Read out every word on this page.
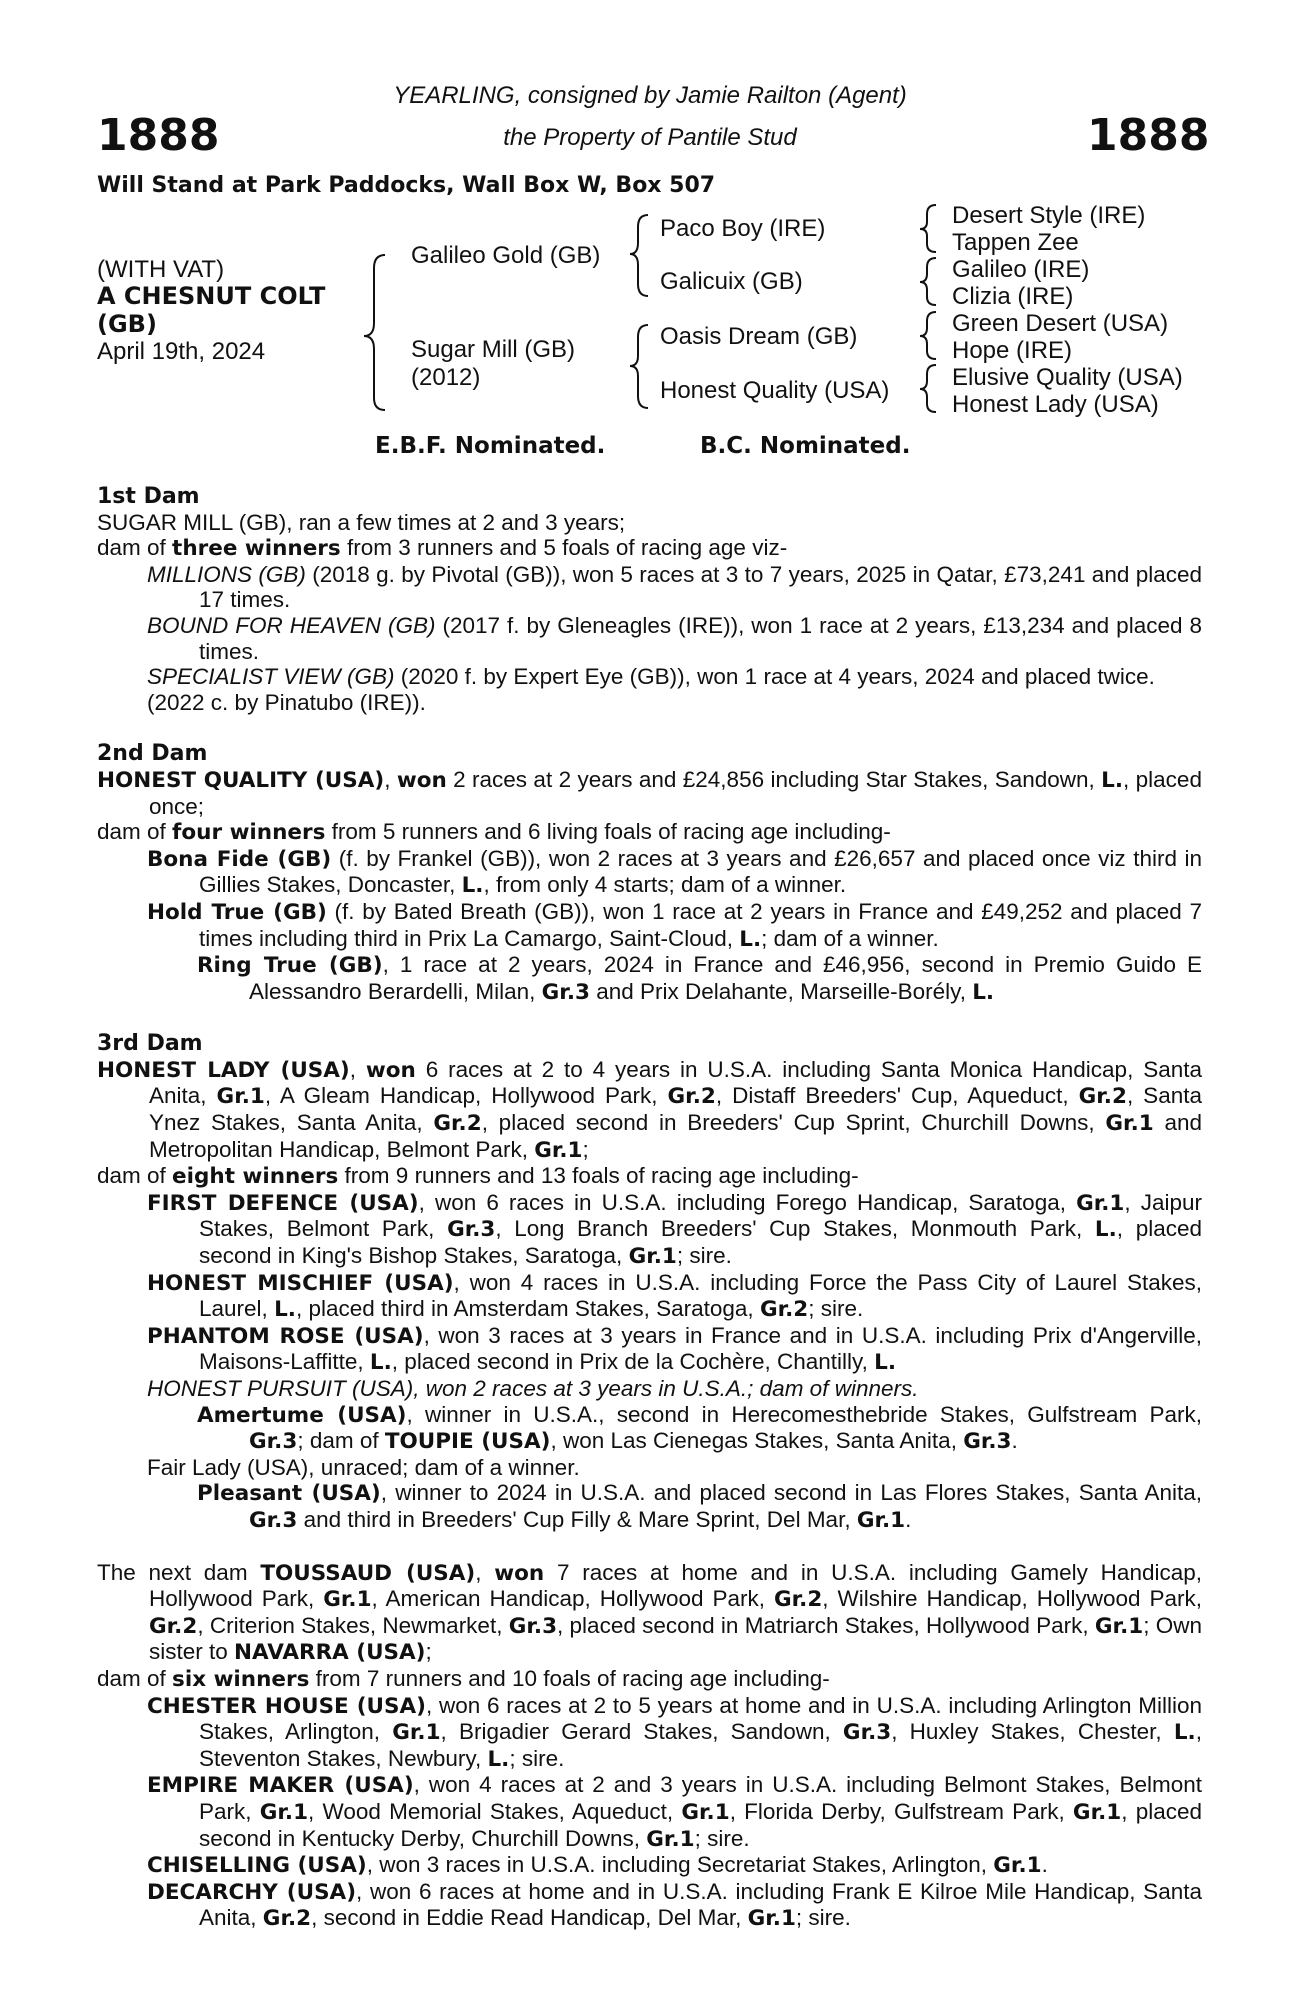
1888	1888
YEARLING, consigned by Jamie Railton (Agent)
the Property of Pantile Stud
Will Stand at Park Paddocks, Wall Box W, Box 507
(WITH VAT)
A CHESNUT COLT
(GB)
April 19th, 2024
Galileo Gold (GB)
Sugar Mill (GB)
(2012)
Paco Boy (IRE)
Galicuix (GB)
Oasis Dream (GB)
Honest Quality (USA)
Desert Style (IRE)
Tappen Zee
Galileo (IRE)
Clizia (IRE)
Green Desert (USA)
Hope (IRE)
Elusive Quality (USA)
Honest Lady (USA)
E.B.F. Nominated.	B.C. Nominated.

1st Dam

SUGAR MILL (GB), ran a few times at 2 and 3 years;

dam of three winners from 3 runners and 5 foals of racing age viz-

MILLIONS (GB) (2018 g. by Pivotal (GB)), won 5 races at 3 to 7 years, 2025 in Qatar, £73,241 and placed 17 times.

BOUND FOR HEAVEN (GB) (2017 f. by Gleneagles (IRE)), won 1 race at 2 years, £13,234 and placed 8 times.

SPECIALIST VIEW (GB) (2020 f. by Expert Eye (GB)), won 1 race at 4 years, 2024 and placed twice.

(2022 c. by Pinatubo (IRE)).

2nd Dam

HONEST QUALITY (USA), won 2 races at 2 years and £24,856 including Star Stakes, Sandown, L., placed once;

dam of four winners from 5 runners and 6 living foals of racing age including-

Bona Fide (GB) (f. by Frankel (GB)), won 2 races at 3 years and £26,657 and placed once viz third in Gillies Stakes, Doncaster, L., from only 4 starts; dam of a winner.

Hold True (GB) (f. by Bated Breath (GB)), won 1 race at 2 years in France and £49,252 and placed 7 times including third in Prix La Camargo, Saint-Cloud, L.; dam of a winner.

Ring True (GB), 1 race at 2 years, 2024 in France and £46,956, second in Premio Guido E Alessandro Berardelli, Milan, Gr.3 and Prix Delahante, Marseille-Borély, L.

3rd Dam

HONEST LADY (USA), won 6 races at 2 to 4 years in U.S.A. including Santa Monica Handicap, Santa Anita, Gr.1, A Gleam Handicap, Hollywood Park, Gr.2, Distaff Breeders' Cup, Aqueduct, Gr.2, Santa Ynez Stakes, Santa Anita, Gr.2, placed second in Breeders' Cup Sprint, Churchill Downs, Gr.1 and Metropolitan Handicap, Belmont Park, Gr.1;

dam of eight winners from 9 runners and 13 foals of racing age including-

FIRST DEFENCE (USA), won 6 races in U.S.A. including Forego Handicap, Saratoga, Gr.1, Jaipur Stakes, Belmont Park, Gr.3, Long Branch Breeders' Cup Stakes, Monmouth Park, L., placed second in King's Bishop Stakes, Saratoga, Gr.1; sire.

HONEST MISCHIEF (USA), won 4 races in U.S.A. including Force the Pass City of Laurel Stakes, Laurel, L., placed third in Amsterdam Stakes, Saratoga, Gr.2; sire.

PHANTOM ROSE (USA), won 3 races at 3 years in France and in U.S.A. including Prix d'Angerville, Maisons-Laffitte, L., placed second in Prix de la Cochère, Chantilly, L.

HONEST PURSUIT (USA), won 2 races at 3 years in U.S.A.; dam of winners.

Amertume (USA), winner in U.S.A., second in Herecomesthebride Stakes, Gulfstream Park, Gr.3; dam of TOUPIE (USA), won Las Cienegas Stakes, Santa Anita, Gr.3.

Fair Lady (USA), unraced; dam of a winner.

Pleasant (USA), winner to 2024 in U.S.A. and placed second in Las Flores Stakes, Santa Anita, Gr.3 and third in Breeders' Cup Filly & Mare Sprint, Del Mar, Gr.1.

The next dam TOUSSAUD (USA), won 7 races at home and in U.S.A. including Gamely Handicap, Hollywood Park, Gr.1, American Handicap, Hollywood Park, Gr.2, Wilshire Handicap, Hollywood Park, Gr.2, Criterion Stakes, Newmarket, Gr.3, placed second in Matriarch Stakes, Hollywood Park, Gr.1; Own sister to NAVARRA (USA);

dam of six winners from 7 runners and 10 foals of racing age including-

CHESTER HOUSE (USA), won 6 races at 2 to 5 years at home and in U.S.A. including Arlington Million Stakes, Arlington, Gr.1, Brigadier Gerard Stakes, Sandown, Gr.3, Huxley Stakes, Chester, L., Steventon Stakes, Newbury, L.; sire.

EMPIRE MAKER (USA), won 4 races at 2 and 3 years in U.S.A. including Belmont Stakes, Belmont Park, Gr.1, Wood Memorial Stakes, Aqueduct, Gr.1, Florida Derby, Gulfstream Park, Gr.1, placed second in Kentucky Derby, Churchill Downs, Gr.1; sire.

CHISELLING (USA), won 3 races in U.S.A. including Secretariat Stakes, Arlington, Gr.1.

DECARCHY (USA), won 6 races at home and in U.S.A. including Frank E Kilroe Mile Handicap, Santa Anita, Gr.2, second in Eddie Read Handicap, Del Mar, Gr.1; sire.
